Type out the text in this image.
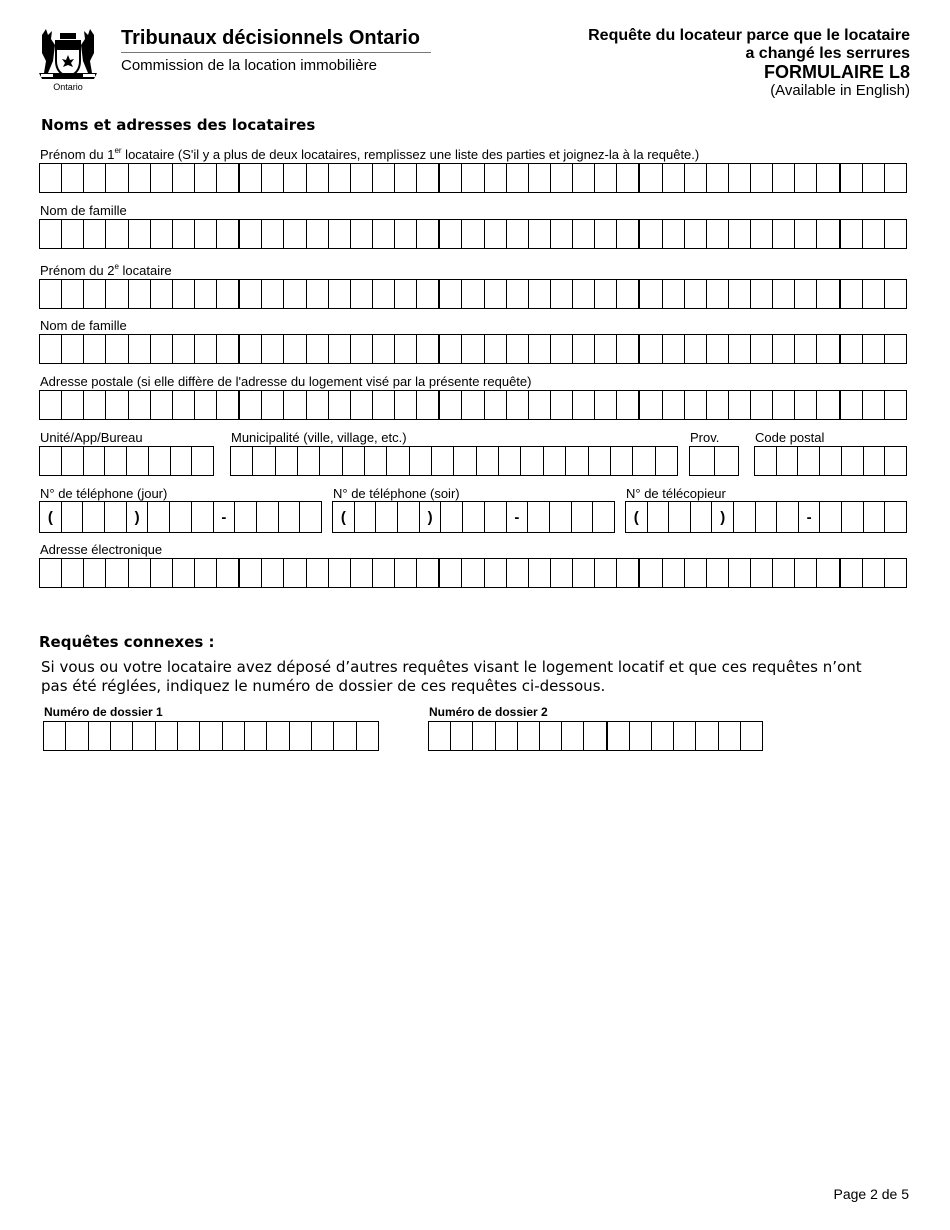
Ontario
Tribunaux décisionnels Ontario
Commission de la location immobilière
Requête du locateur parce que le locataire
a changé les serrures
FORMULAIRE L8
(Available in English)
Noms et adresses des locataires
Prénom du 1er locataire (S'il y a plus de deux locataires, remplissez une liste des parties et joignez-la à la requête.)
Nom de famille
Prénom du 2e locataire
Nom de famille
Adresse postale (si elle diffère de l'adresse du logement visé par la présente requête)
Unité/App/Bureau	Municipalité (ville, village, etc.)	Prov.	Code postal
N° de téléphone (jour)
(	)	-
N° de téléphone (soir)
(	)	-
N° de télécopieur
(	)	-
Adresse électronique
Requêtes connexes :
Si vous ou votre locataire avez déposé d’autres requêtes visant le logement locatif et que ces requêtes n’ont pas été réglées, indiquez le numéro de dossier de ces requêtes ci-dessous.
Numéro de dossier 1	Numéro de dossier 2
Page 2 de 5
